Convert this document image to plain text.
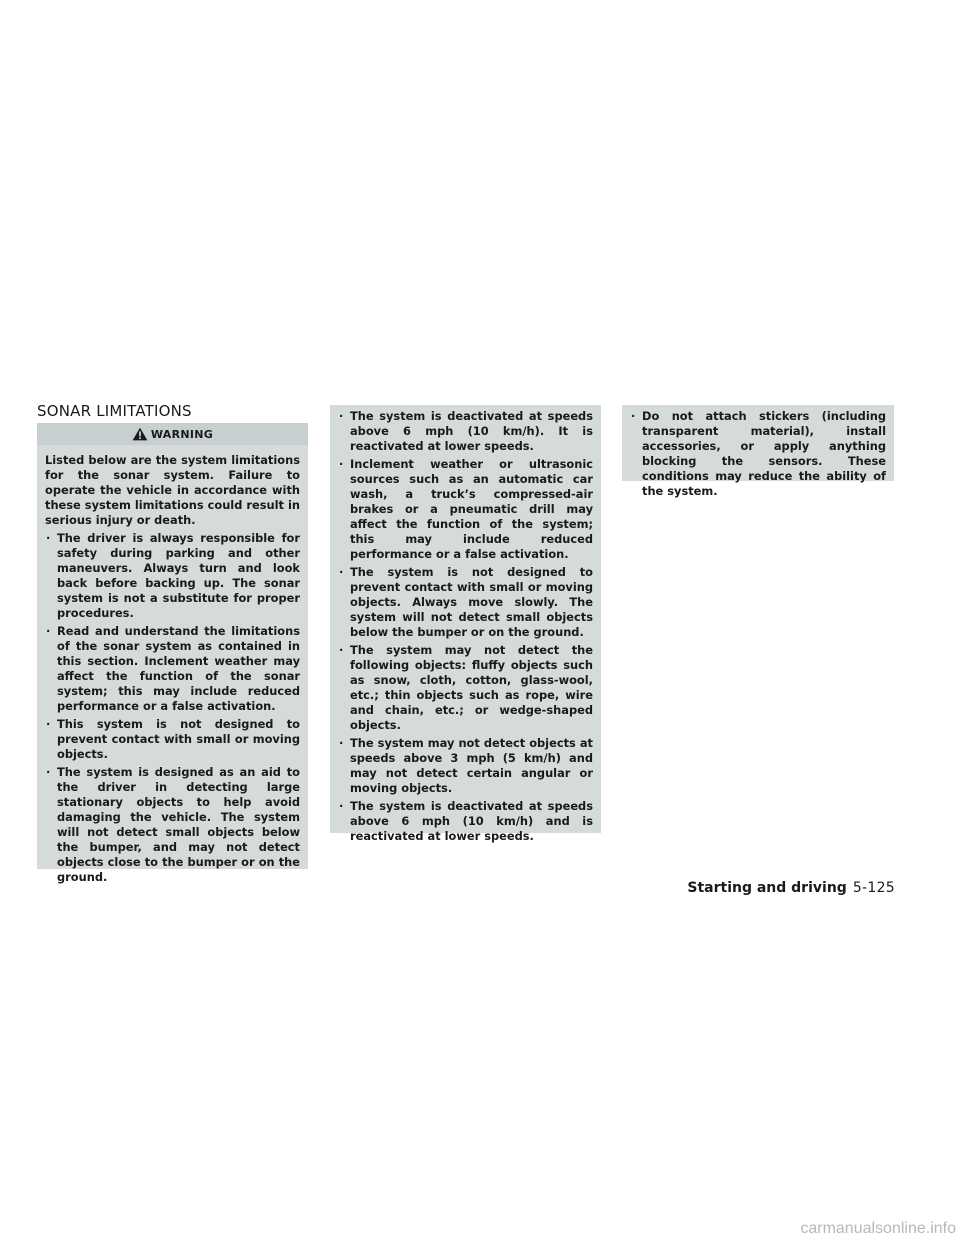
SONAR LIMITATIONS
WARNING

Listed below are the system limitations for the sonar system. Failure to operate the vehicle in accordance with these system limitations could result in serious injury or death.

· The driver is always responsible for safety during parking and other maneuvers. Always turn and look back before backing up. The sonar system is not a substitute for proper procedures.
· Read and understand the limitations of the sonar system as contained in this section. Inclement weather may affect the function of the sonar system; this may include reduced performance or a false activation.
· This system is not designed to prevent contact with small or moving objects.
· The system is designed as an aid to the driver in detecting large stationary objects to help avoid damaging the vehicle. The system will not detect small objects below the bumper, and may not detect objects close to the bumper or on the ground.
· The system is deactivated at speeds above 6 mph (10 km/h). It is reactivated at lower speeds.
· Inclement weather or ultrasonic sources such as an automatic car wash, a truck’s compressed-air brakes or a pneumatic drill may affect the function of the system; this may include reduced performance or a false activation.
· The system is not designed to prevent contact with small or moving objects. Always move slowly. The system will not detect small objects below the bumper or on the ground.
· The system may not detect the following objects: fluffy objects such as snow, cloth, cotton, glass-wool, etc.; thin objects such as rope, wire and chain, etc.; or wedge-shaped objects.
· The system may not detect objects at speeds above 3 mph (5 km/h) and may not detect certain angular or moving objects.
· The system is deactivated at speeds above 6 mph (10 km/h) and is reactivated at lower speeds.
· Do not attach stickers (including transparent material), install accessories, or apply anything blocking the sensors. These conditions may reduce the ability of the system.
Starting and driving 5-125
carmanualsonline.info
